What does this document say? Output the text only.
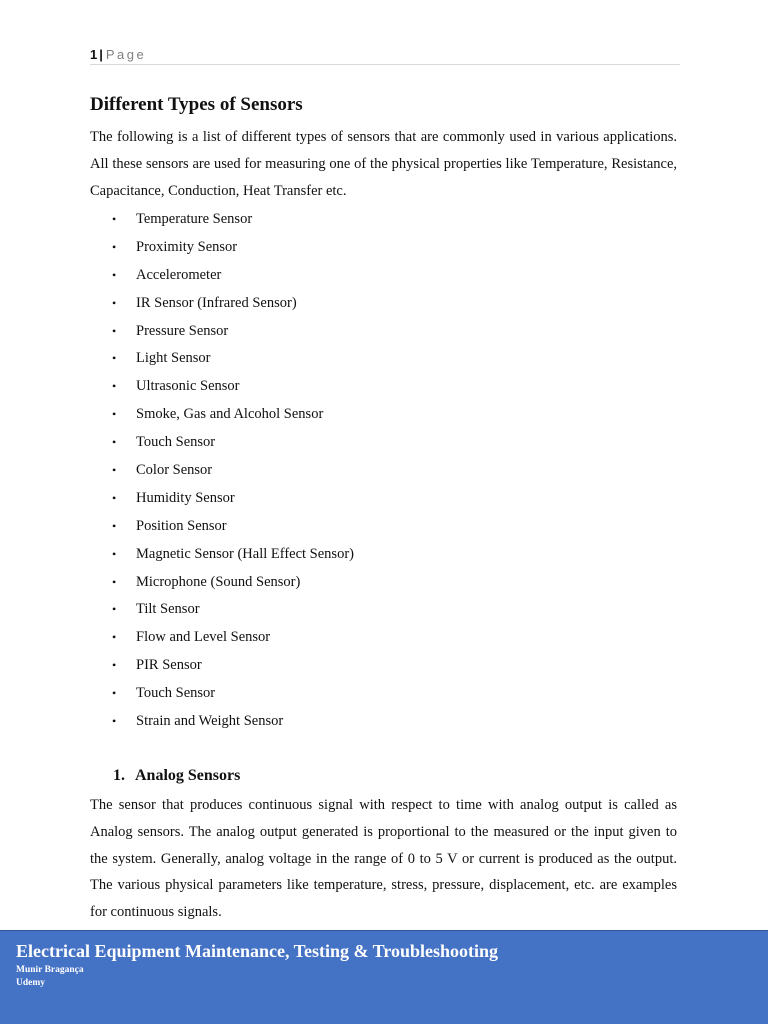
1 | Page
Different Types of Sensors

The following is a list of different types of sensors that are commonly used in various applications. All these sensors are used for measuring one of the physical properties like Temperature, Resistance, Capacitance, Conduction, Heat Transfer etc.

• Temperature Sensor
• Proximity Sensor
• Accelerometer
• IR Sensor (Infrared Sensor)
• Pressure Sensor
• Light Sensor
• Ultrasonic Sensor
• Smoke, Gas and Alcohol Sensor
• Touch Sensor
• Color Sensor
• Humidity Sensor
• Position Sensor
• Magnetic Sensor (Hall Effect Sensor)
• Microphone (Sound Sensor)
• Tilt Sensor
• Flow and Level Sensor
• PIR Sensor
• Touch Sensor
• Strain and Weight Sensor
1. Analog Sensors

The sensor that produces continuous signal with respect to time with analog output is called as Analog sensors. The analog output generated is proportional to the measured or the input given to the system. Generally, analog voltage in the range of 0 to 5 V or current is produced as the output. The various physical parameters like temperature, stress, pressure, displacement, etc. are examples for continuous signals.

Electrical Equipment Maintenance, Testing & Troubleshooting
Munir Bragança
Udemy
